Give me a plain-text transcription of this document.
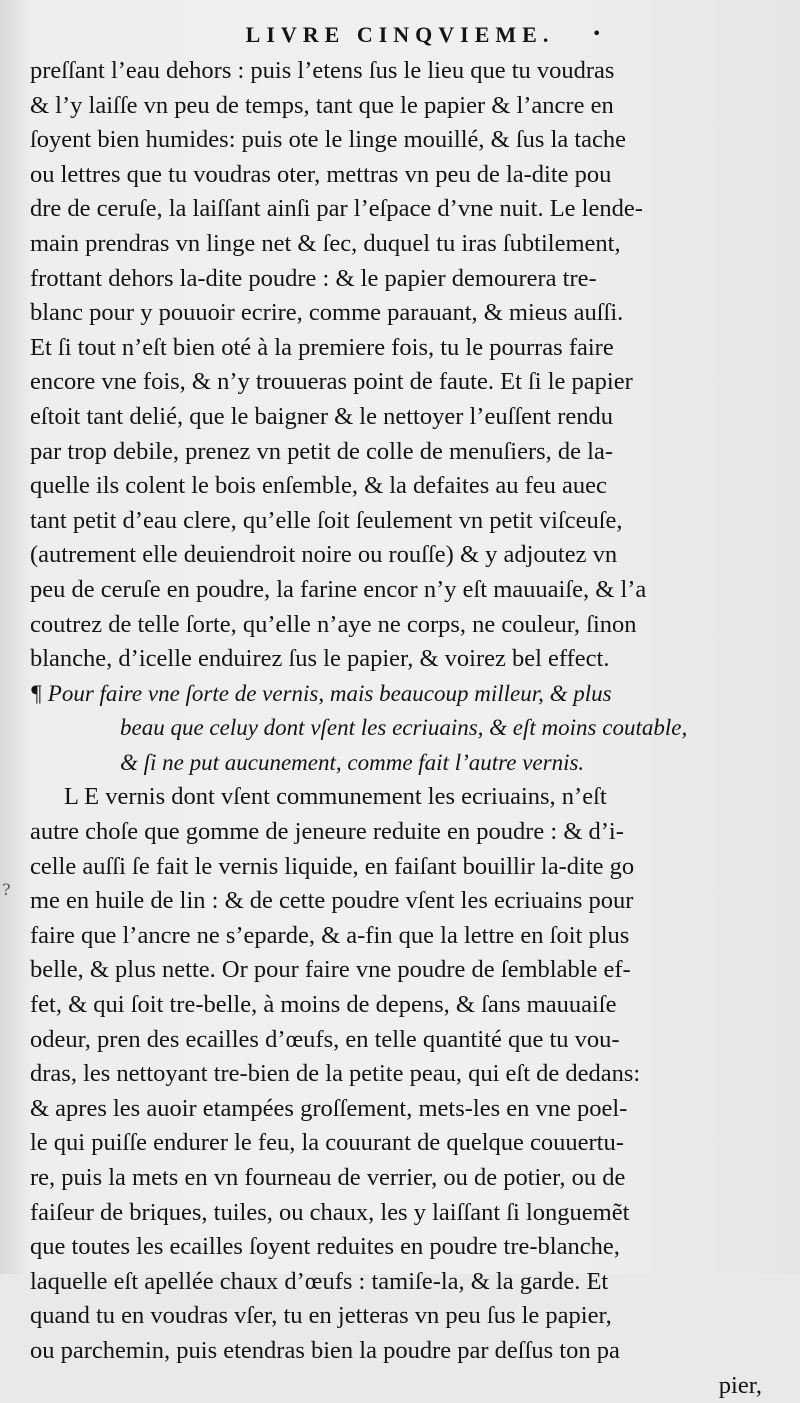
LIVRE CINQVIEME.	•
?
preſſant l’eau dehors : puis l’etens ſus le lieu que tu voudras
& l’y laiſſe vn peu de temps, tant que le papier & l’ancre en
ſoyent bien humides: puis ote le linge mouillé, & ſus la tache
ou lettres que tu voudras oter, mettras vn peu de la-dite pou
dre de ceruſe, la laiſſant ainſi par l’eſpace d’vne nuit. Le lende-
main prendras vn linge net & ſec, duquel tu iras ſubtilement,
frottant dehors la-dite poudre : & le papier demourera tre-
blanc pour y pouuoir ecrire, comme parauant, & mieus auſſi.
Et ſi tout n’eſt bien oté à la premiere fois, tu le pourras faire
encore vne fois, & n’y trouueras point de faute. Et ſi le papier
eſtoit tant delié, que le baigner & le nettoyer l’euſſent rendu
par trop debile, prenez vn petit de colle de menuſiers, de la-
quelle ils colent le bois enſemble, & la defaites au feu auec
tant petit d’eau clere, qu’elle ſoit ſeulement vn petit viſceuſe,
(autrement elle deuiendroit noire ou rouſſe) & y adjoutez vn
peu de ceruſe en poudre, la farine encor n’y eſt mauuaiſe, & l’a
coutrez de telle ſorte, qu’elle n’aye ne corps, ne couleur, ſinon
blanche, d’icelle enduirez ſus le papier, & voirez bel effect.
¶ Pour faire vne ſorte de vernis, mais beaucoup milleur, & plus
beau que celuy dont vſent les ecriuains, & eſt moins coutable,
& ſi ne put aucunement, comme fait l’autre vernis.
L E vernis dont vſent communement les ecriuains, n’eſt
autre choſe que gomme de jeneure reduite en poudre : & d’i-
celle auſſi ſe fait le vernis liquide, en faiſant bouillir la-dite go
me en huile de lin : & de cette poudre vſent les ecriuains pour
faire que l’ancre ne s’eparde, & a-fin que la lettre en ſoit plus
belle, & plus nette. Or pour faire vne poudre de ſemblable ef-
fet, & qui ſoit tre-belle, à moins de depens, & ſans mauuaiſe
odeur, pren des ecailles d’œufs, en telle quantité que tu vou-
dras, les nettoyant tre-bien de la petite peau, qui eſt de dedans:
& apres les auoir etampées groſſement, mets-les en vne poel-
le qui puiſſe endurer le feu, la couurant de quelque couuertu-
re, puis la mets en vn fourneau de verrier, ou de potier, ou de
faiſeur de briques, tuiles, ou chaux, les y laiſſant ſi longuemẽt
que toutes les ecailles ſoyent reduites en poudre tre-blanche,
laquelle eſt apellée chaux d’œufs : tamiſe-la, & la garde. Et
quand tu en voudras vſer, tu en jetteras vn peu ſus le papier,
ou parchemin, puis etendras bien la poudre par deſſus ton pa
pier,
